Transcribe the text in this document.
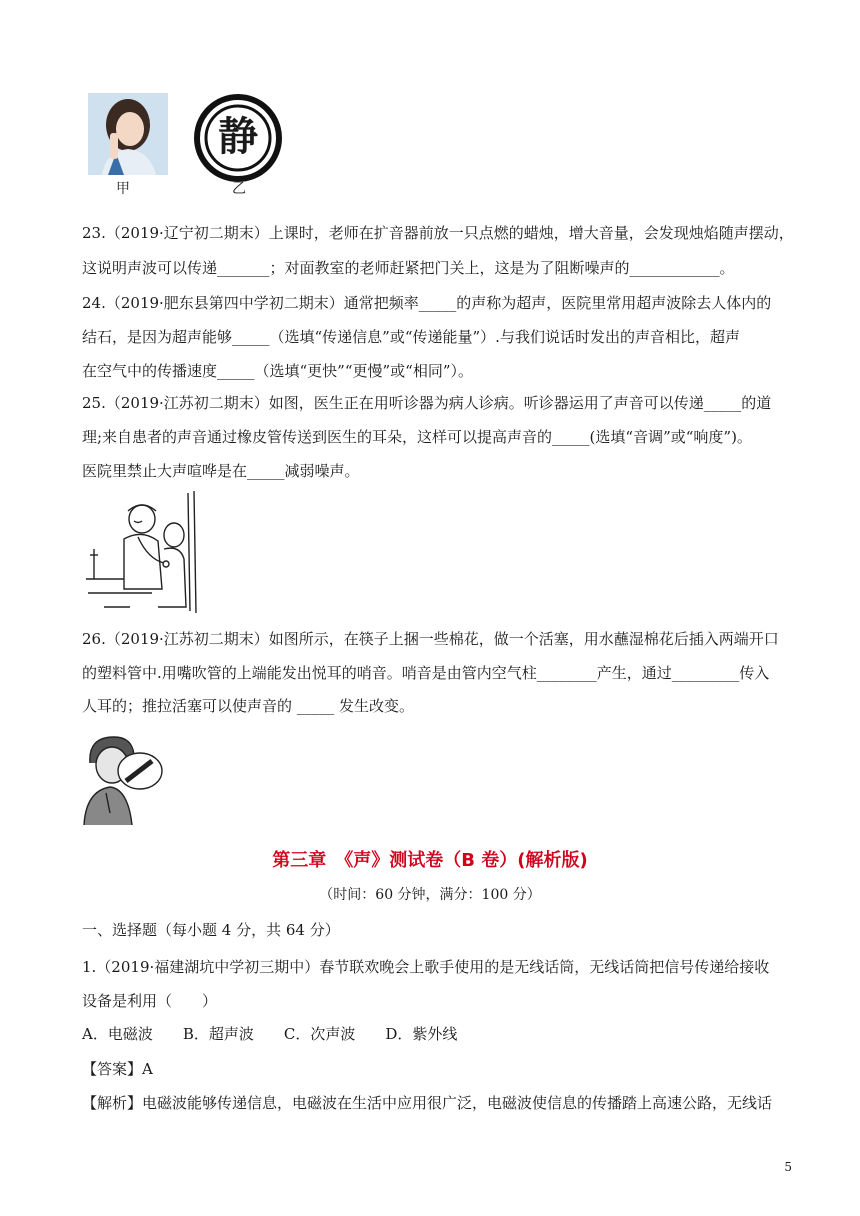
甲
静
乙
23.（2019·辽宁初二期末）上课时，老师在扩音器前放一只点燃的蜡烛，增大音量，会发现烛焰随声摆动，
这说明声波可以传递_______；对面教室的老师赶紧把门关上，这是为了阻断噪声的____________。
24.（2019·肥东县第四中学初二期末）通常把频率_____的声称为超声，医院里常用超声波除去人体内的
结石，是因为超声能够_____（选填“传递信息”或“传递能量”）.与我们说话时发出的声音相比，超声
在空气中的传播速度_____（选填“更快”“更慢”或“相同”）。
25.（2019·江苏初二期末）如图，医生正在用听诊器为病人诊病。听诊器运用了声音可以传递_____的道
理;来自患者的声音通过橡皮管传送到医生的耳朵，这样可以提高声音的_____(选填“音调”或“响度”)。
医院里禁止大声喧哗是在_____减弱噪声。
26.（2019·江苏初二期末）如图所示，在筷子上捆一些棉花，做一个活塞，用水蘸湿棉花后插入两端开口
的塑料管中.用嘴吹管的上端能发出悦耳的哨音。哨音是由管内空气柱________产生，通过_________传入
人耳的；推拉活塞可以使声音的 _____ 发生改变。
第三章　《声》测试卷（B 卷）(解析版)
（时间：60 分钟，满分：100 分）
一、选择题（每小题 4 分，共 64 分）
1.（2019·福建湖坑中学初三期中）春节联欢晚会上歌手使用的是无线话筒，无线话筒把信号传递给接收
设备是利用（　　）
A．电磁波　　B．超声波　　C．次声波　　D．紫外线
【答案】A
【解析】电磁波能够传递信息，电磁波在生活中应用很广泛，电磁波使信息的传播踏上高速公路，无线话
5
